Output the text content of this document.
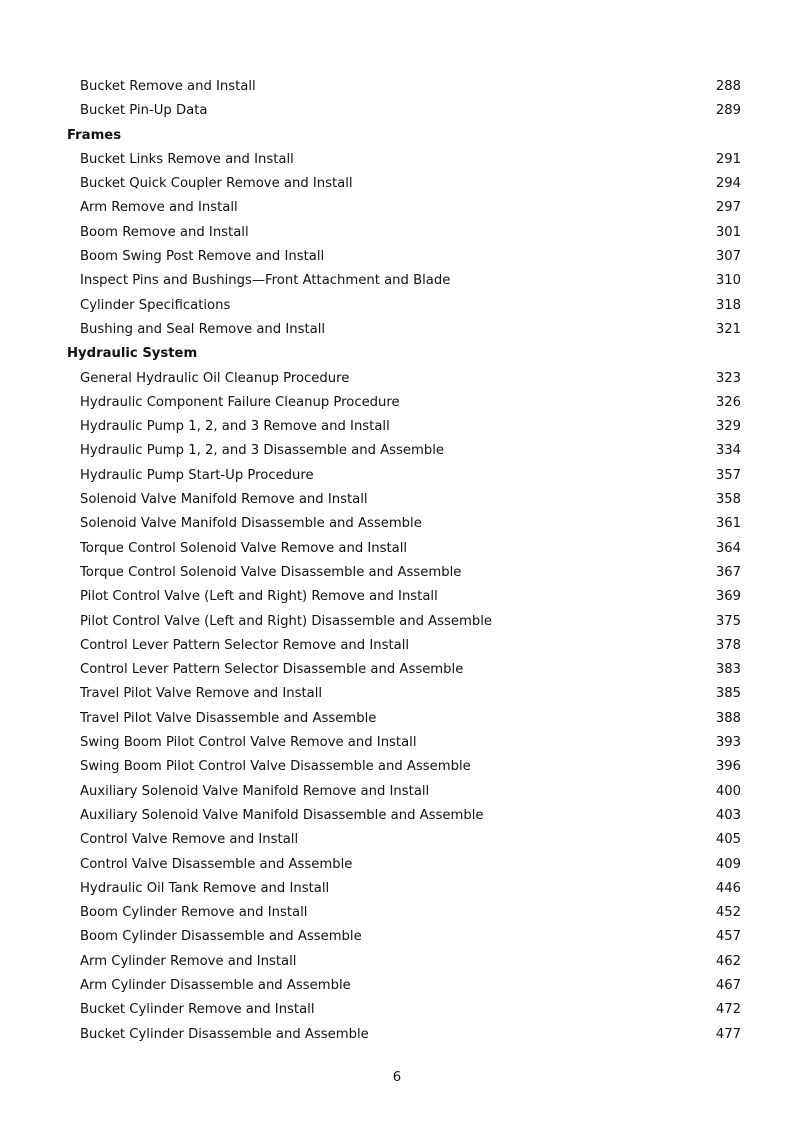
Bucket Remove and Install	288
Bucket Pin-Up Data	289
Frames
Bucket Links Remove and Install	291
Bucket Quick Coupler Remove and Install	294
Arm Remove and Install	297
Boom Remove and Install	301
Boom Swing Post Remove and Install	307
Inspect Pins and Bushings—Front Attachment and Blade	310
Cylinder Specifications	318
Bushing and Seal Remove and Install	321
Hydraulic System
General Hydraulic Oil Cleanup Procedure	323
Hydraulic Component Failure Cleanup Procedure	326
Hydraulic Pump 1, 2, and 3 Remove and Install	329
Hydraulic Pump 1, 2, and 3 Disassemble and Assemble	334
Hydraulic Pump Start-Up Procedure	357
Solenoid Valve Manifold Remove and Install	358
Solenoid Valve Manifold Disassemble and Assemble	361
Torque Control Solenoid Valve Remove and Install	364
Torque Control Solenoid Valve Disassemble and Assemble	367
Pilot Control Valve (Left and Right) Remove and Install	369
Pilot Control Valve (Left and Right) Disassemble and Assemble	375
Control Lever Pattern Selector Remove and Install	378
Control Lever Pattern Selector Disassemble and Assemble	383
Travel Pilot Valve Remove and Install	385
Travel Pilot Valve Disassemble and Assemble	388
Swing Boom Pilot Control Valve Remove and Install	393
Swing Boom Pilot Control Valve Disassemble and Assemble	396
Auxiliary Solenoid Valve Manifold Remove and Install	400
Auxiliary Solenoid Valve Manifold Disassemble and Assemble	403
Control Valve Remove and Install	405
Control Valve Disassemble and Assemble	409
Hydraulic Oil Tank Remove and Install	446
Boom Cylinder Remove and Install	452
Boom Cylinder Disassemble and Assemble	457
Arm Cylinder Remove and Install	462
Arm Cylinder Disassemble and Assemble	467
Bucket Cylinder Remove and Install	472
Bucket Cylinder Disassemble and Assemble	477
6
